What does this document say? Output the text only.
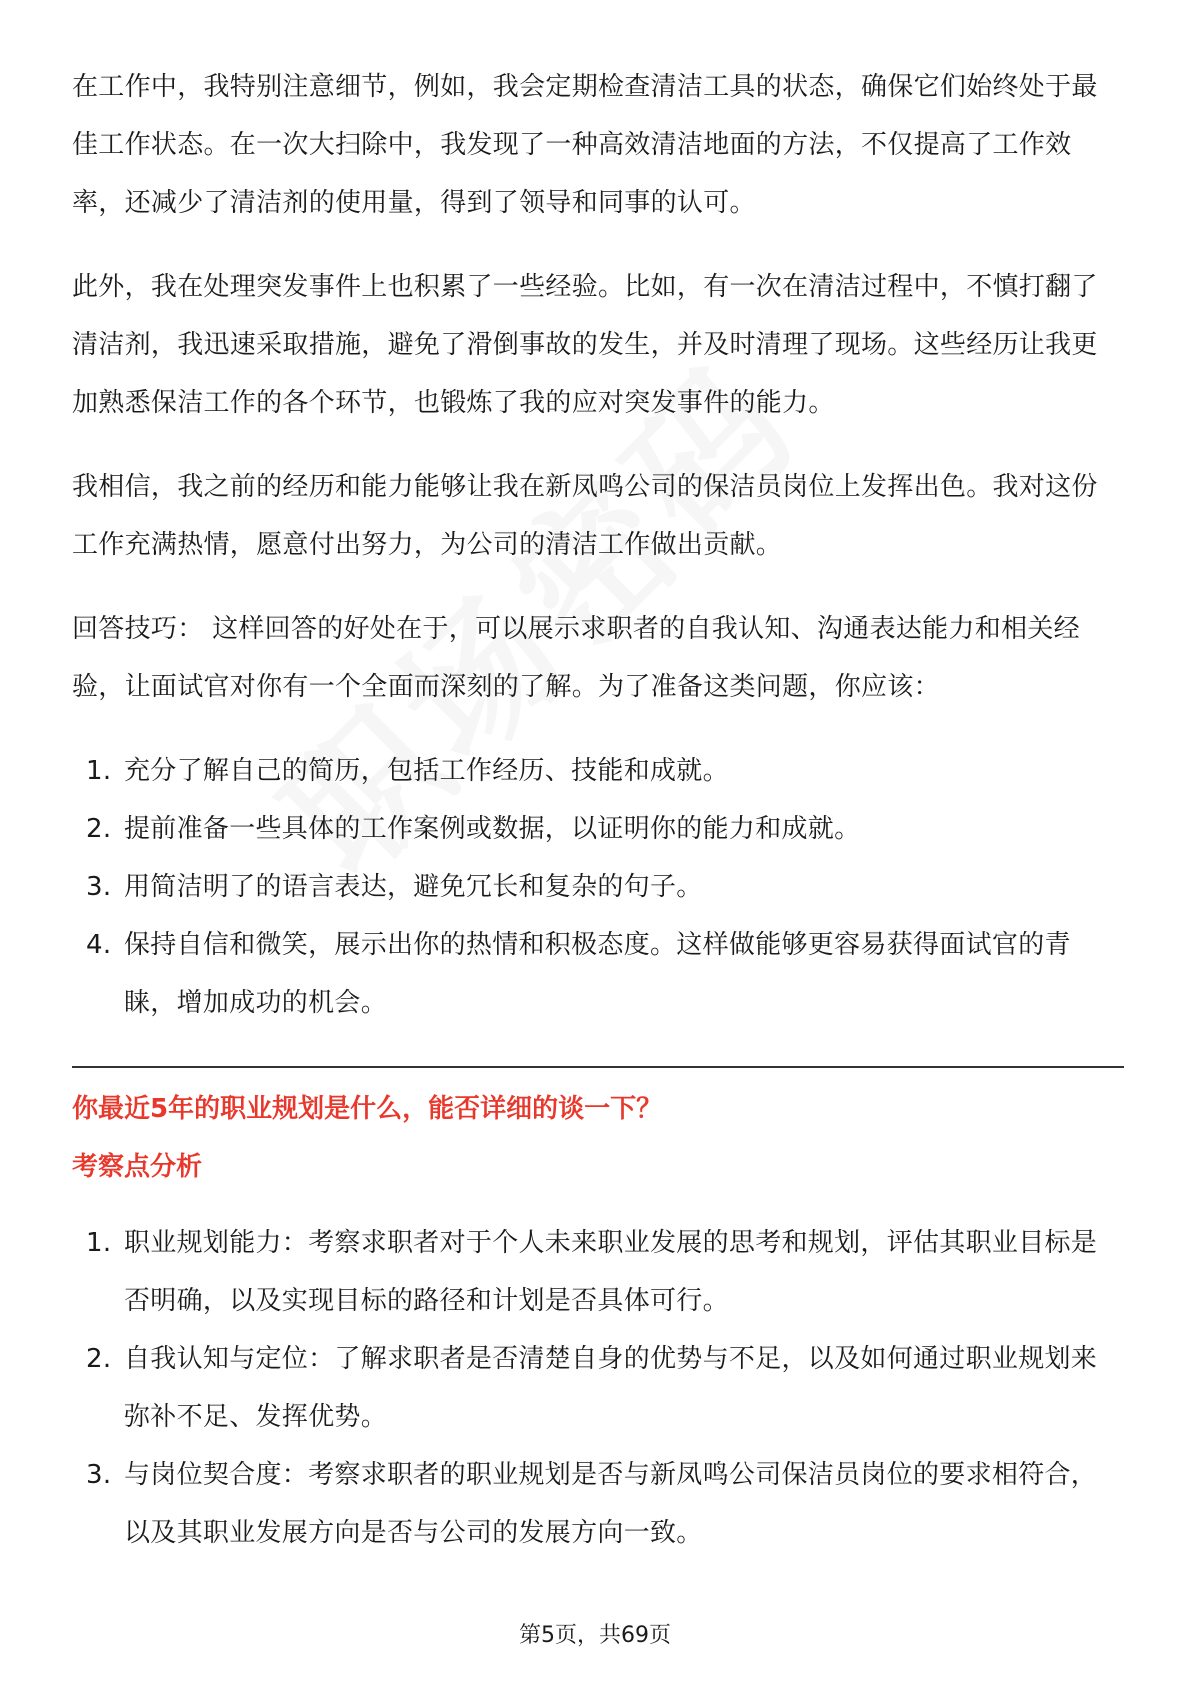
在工作中，我特别注意细节，例如，我会定期检查清洁工具的状态，确保它们始终处于最佳工作状态。在一次大扫除中，我发现了一种高效清洁地面的方法，不仅提高了工作效率，还减少了清洁剂的使用量，得到了领导和同事的认可。

此外，我在处理突发事件上也积累了一些经验。比如，有一次在清洁过程中，不慎打翻了清洁剂，我迅速采取措施，避免了滑倒事故的发生，并及时清理了现场。这些经历让我更加熟悉保洁工作的各个环节，也锻炼了我的应对突发事件的能力。

我相信，我之前的经历和能力能够让我在新凤鸣公司的保洁员岗位上发挥出色。我对这份工作充满热情，愿意付出努力，为公司的清洁工作做出贡献。

回答技巧： 这样回答的好处在于，可以展示求职者的自我认知、沟通表达能力和相关经验，让面试官对你有一个全面而深刻的了解。为了准备这类问题，你应该：

1. 充分了解自己的简历，包括工作经历、技能和成就。
2. 提前准备一些具体的工作案例或数据，以证明你的能力和成就。
3. 用简洁明了的语言表达，避免冗长和复杂的句子。
4. 保持自信和微笑，展示出你的热情和积极态度。这样做能够更容易获得面试官的青睐，增加成功的机会。

你最近5年的职业规划是什么，能否详细的谈一下？

考察点分析

1. 职业规划能力：考察求职者对于个人未来职业发展的思考和规划，评估其职业目标是否明确，以及实现目标的路径和计划是否具体可行。
2. 自我认知与定位：了解求职者是否清楚自身的优势与不足，以及如何通过职业规划来弥补不足、发挥优势。
3. 与岗位契合度：考察求职者的职业规划是否与新凤鸣公司保洁员岗位的要求相符合，以及其职业发展方向是否与公司的发展方向一致。
第5页，共69页
